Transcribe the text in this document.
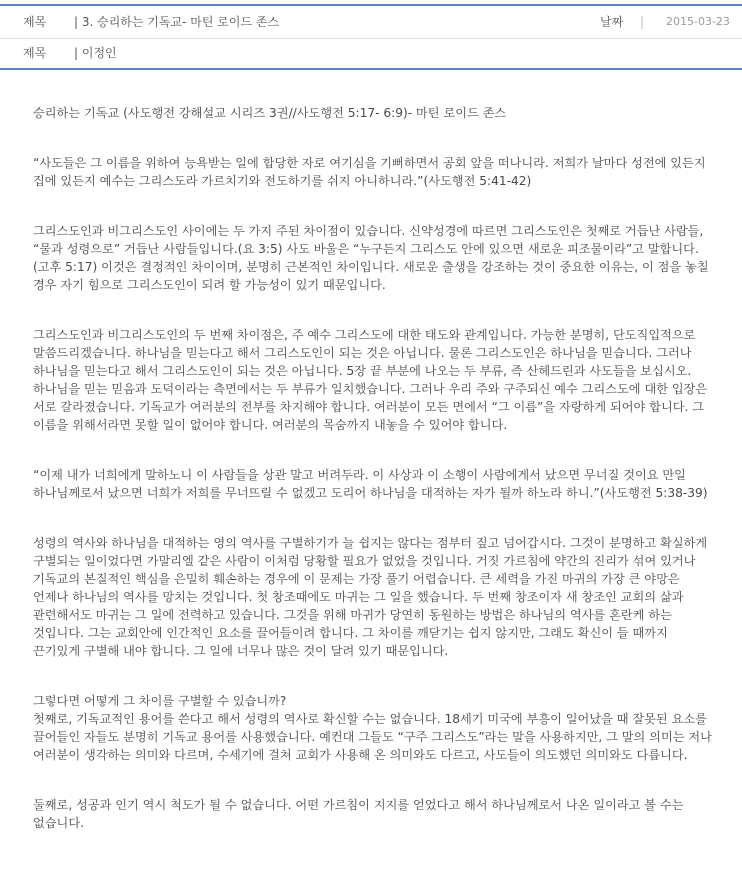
제목 | 3. 승리하는 기독교- 마틴 로이드 존스	날짜 | 2015-03-23
제목 | 이정인

승리하는 기독교 (사도행전 강해설교 시리즈 3권//사도행전 5:17- 6:9)- 마틴 로이드 존스

“사도들은 그 이름을 위하여 능욕받는 일에 합당한 자로 여기심을 기뻐하면서 공회 앞을 떠나니라. 저희가 날마다 성전에 있든지 집에 있든지 예수는 그리스도라 가르치기와 전도하기를 쉬지 아니하니라.”(사도행전 5:41-42)

그리스도인과 비그리스도인 사이에는 두 가지 주된 차이점이 있습니다. 신약성경에 따르면 그리스도인은 첫째로 거듭난 사람들, “물과 성령으로” 거듭난 사람들입니다.(요 3:5) 사도 바울은 “누구든지 그리스도 안에 있으면 새로운 피조물이라”고 말합니다.(고후 5:17) 이것은 결정적인 차이이며, 분명히 근본적인 차이입니다. 새로운 출생을 강조하는 것이 중요한 이유는, 이 점을 놓칠 경우 자기 힘으로 그리스도인이 되려 할 가능성이 있기 때문입니다.

그리스도인과 비그리스도인의 두 번째 차이점은, 주 예수 그리스도에 대한 태도와 관계입니다. 가능한 분명히, 단도직입적으로 말씀드리겠습니다. 하나님을 믿는다고 해서 그리스도인이 되는 것은 아닙니다. 물론 그리스도인은 하나님을 믿습니다. 그러나 하나님을 믿는다고 해서 그리스도인이 되는 것은 아닙니다. 5장 끝 부분에 나오는 두 부류, 즉 산헤드린과 사도들을 보십시오. 하나님을 믿는 믿음과 도덕이라는 측면에서는 두 부류가 일치했습니다. 그러나 우리 주와 구주되신 예수 그리스도에 대한 입장은 서로 갈라졌습니다. 기독교가 여러분의 전부를 차지해야 합니다. 여러분이 모든 면에서 “그 이름”을 자랑하게 되어야 합니다. 그 이름을 위해서라면 못할 일이 없어야 합니다. 여러분의 목숨까지 내놓을 수 있어야 합니다.

“이제 내가 너희에게 말하노니 이 사람들을 상관 말고 버려두라. 이 사상과 이 소행이 사람에게서 났으면 무너질 것이요 만일 하나님께로서 났으면 너희가 저희를 무너뜨릴 수 없겠고 도리어 하나님을 대적하는 자가 될까 하노라 하니.”(사도행전 5:38-39)

성령의 역사와 하나님을 대적하는 영의 역사를 구별하기가 늘 쉽지는 않다는 점부터 짚고 넘어갑시다. 그것이 분명하고 확실하게 구별되는 일이었다면 가말리엘 같은 사람이 이처럼 당황할 필요가 없었을 것입니다. 거짓 가르침에 약간의 진리가 섞여 있거나 기독교의 본질적인 핵심을 은밀히 훼손하는 경우에 이 문제는 가장 풀기 어렵습니다. 큰 세력을 가진 마귀의 가장 큰 야망은 언제나 하나님의 역사를 망치는 것입니다. 첫 창조때에도 마귀는 그 일을 했습니다. 두 번째 창조이자 새 창조인 교회의 삶과 관련해서도 마귀는 그 일에 전력하고 있습니다. 그것을 위해 마귀가 당연히 동원하는 방법은 하나님의 역사를 혼란케 하는 것입니다. 그는 교회안에 인간적인 요소를 끌어들이려 합니다. 그 차이를 깨닫기는 쉽지 않지만, 그래도 확신이 들 때까지 끈기있게 구별해 내야 합니다. 그 일에 너무나 많은 것이 달려 있기 때문입니다.

그렇다면 어떻게 그 차이를 구별할 수 있습니까?

첫째로, 기독교적인 용어를 쓴다고 해서 성령의 역사로 확신할 수는 없습니다. 18세기 미국에 부흥이 일어났을 때 잘못된 요소를 끌어들인 자들도 분명히 기독교 용어를 사용했습니다. 예컨대 그들도 “구주 그리스도”라는 말을 사용하지만, 그 말의 의미는 저나 여러분이 생각하는 의미와 다르며, 수세기에 걸쳐 교회가 사용해 온 의미와도 다르고, 사도들이 의도했던 의미와도 다릅니다.

둘째로, 성공과 인기 역시 척도가 될 수 없습니다. 어떤 가르침이 지지를 얻었다고 해서 하나님께로서 나온 일이라고 볼 수는 없습니다.
